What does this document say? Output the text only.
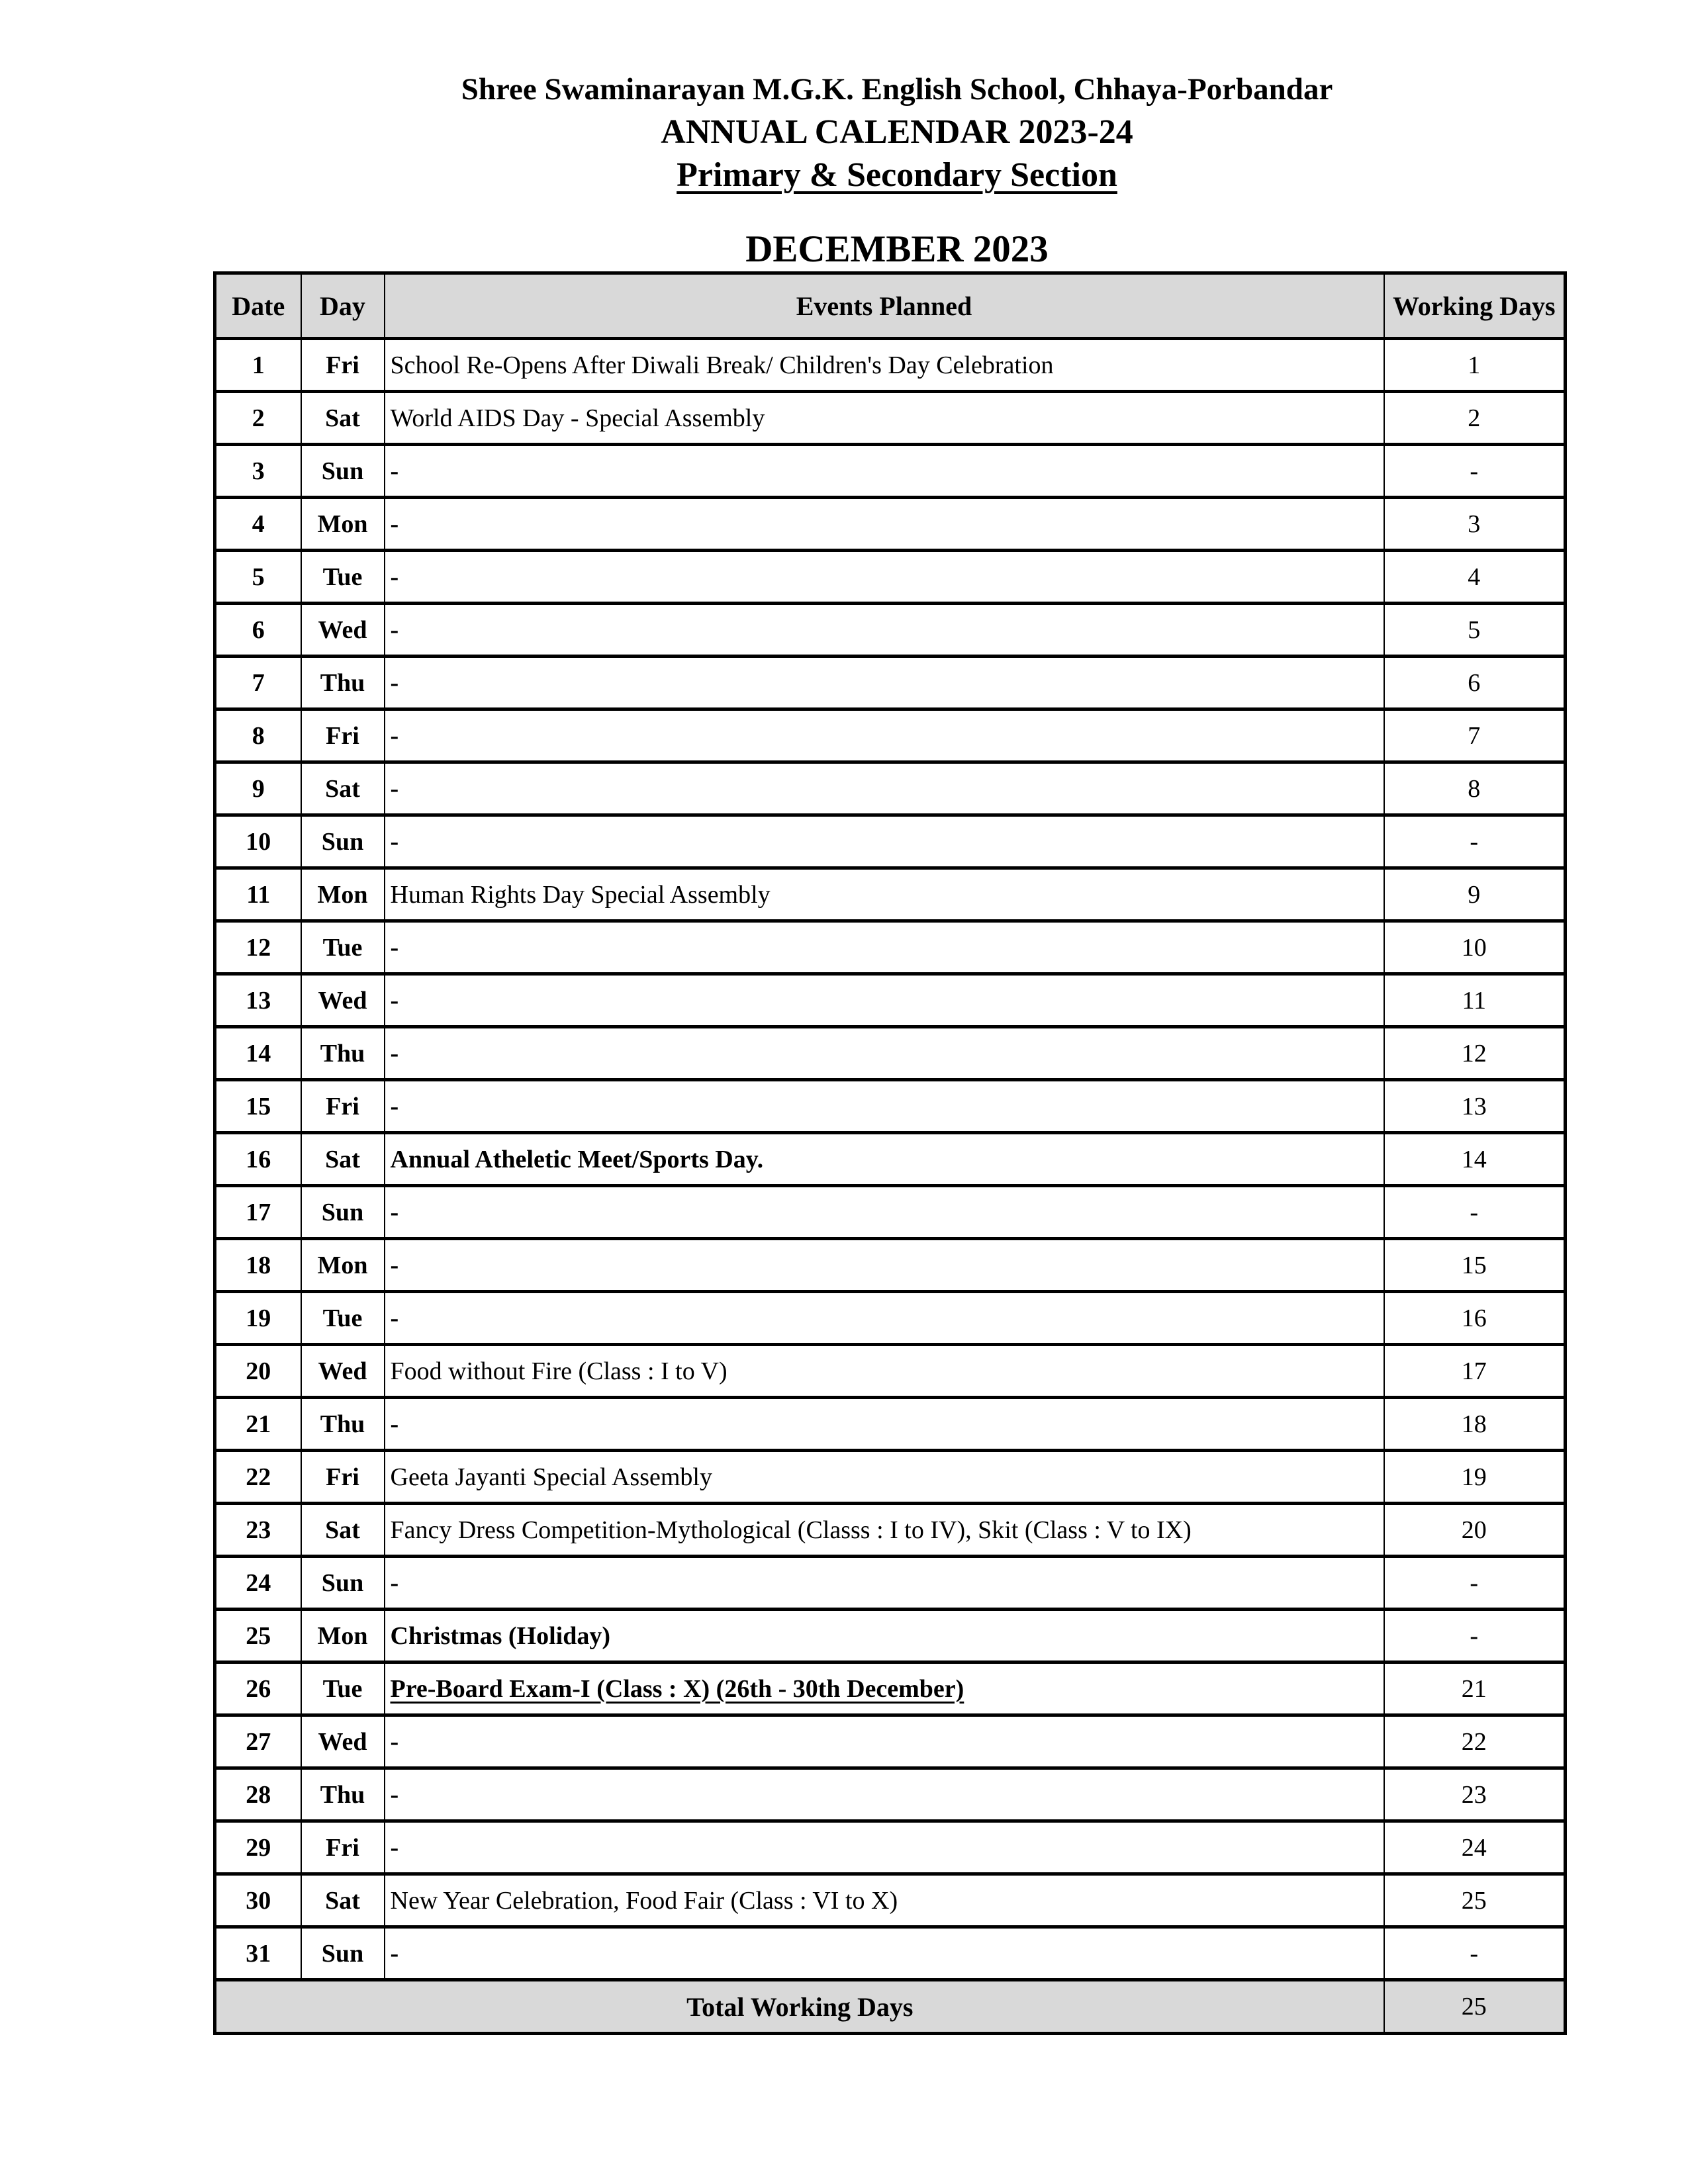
Shree Swaminarayan M.G.K. English School, Chhaya-Porbandar

ANNUAL CALENDAR 2023-24

Primary & Secondary Section

DECEMBER 2023

Date	Day	Events Planned	Working Days
1	Fri	School Re-Opens After Diwali Break/ Children's Day Celebration	1
2	Sat	World AIDS Day - Special Assembly	2
3	Sun	-	-
4	Mon	-	3
5	Tue	-	4
6	Wed	-	5
7	Thu	-	6
8	Fri	-	7
9	Sat	-	8
10	Sun	-	-
11	Mon	Human Rights Day Special Assembly	9
12	Tue	-	10
13	Wed	-	11
14	Thu	-	12
15	Fri	-	13
16	Sat	Annual Atheletic Meet/Sports Day.	14
17	Sun	-	-
18	Mon	-	15
19	Tue	-	16
20	Wed	Food without Fire (Class : I to V)	17
21	Thu	-	18
22	Fri	Geeta Jayanti Special Assembly	19
23	Sat	Fancy Dress Competition-Mythological (Classs : I to IV), Skit (Class : V to IX)	20
24	Sun	-	-
25	Mon	Christmas (Holiday)	-
26	Tue	Pre-Board Exam-I (Class : X) (26th - 30th December)	21
27	Wed	-	22
28	Thu	-	23
29	Fri	-	24
30	Sat	New Year Celebration, Food Fair (Class : VI to X)	25
31	Sun	-	-
Total Working Days			25
